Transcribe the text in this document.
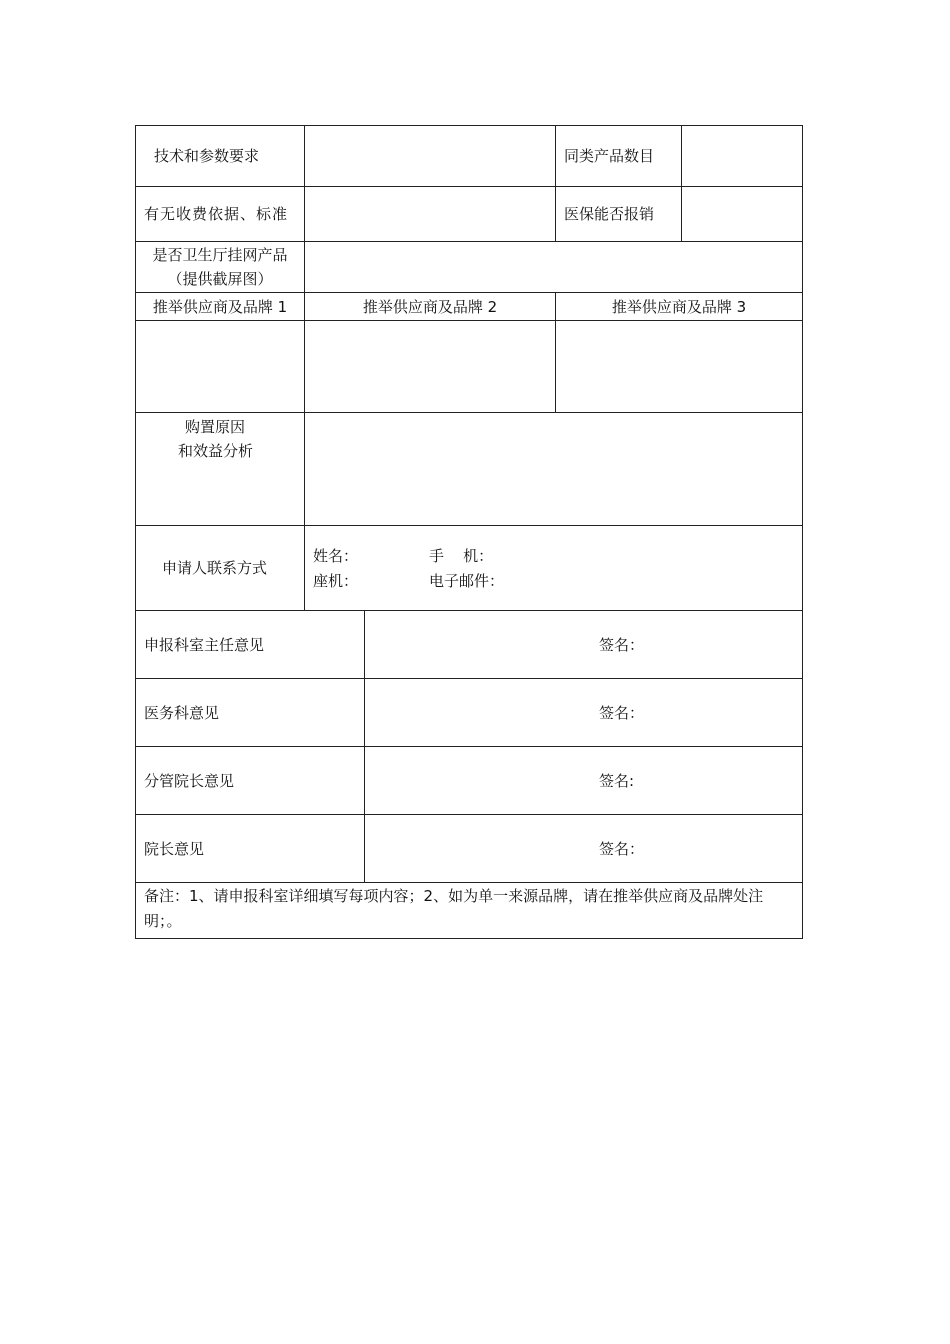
技术和参数要求	同类产品数目
有无收费依据、标准	医保能否报销
是否卫生厅挂网产品
（提供截屏图）
推举供应商及品牌 1	推举供应商及品牌 2	推举供应商及品牌 3
购置原因
和效益分析
申请人联系方式
姓名：	手    机：
座机：	电子邮件：
申报科室主任意见	签名：
医务科意见	签名：
分管院长意见	签名:
院长意见	签名：
备注：1、请申报科室详细填写每项内容；2、如为单一来源品牌，请在推举供应商及品牌处注明；。
